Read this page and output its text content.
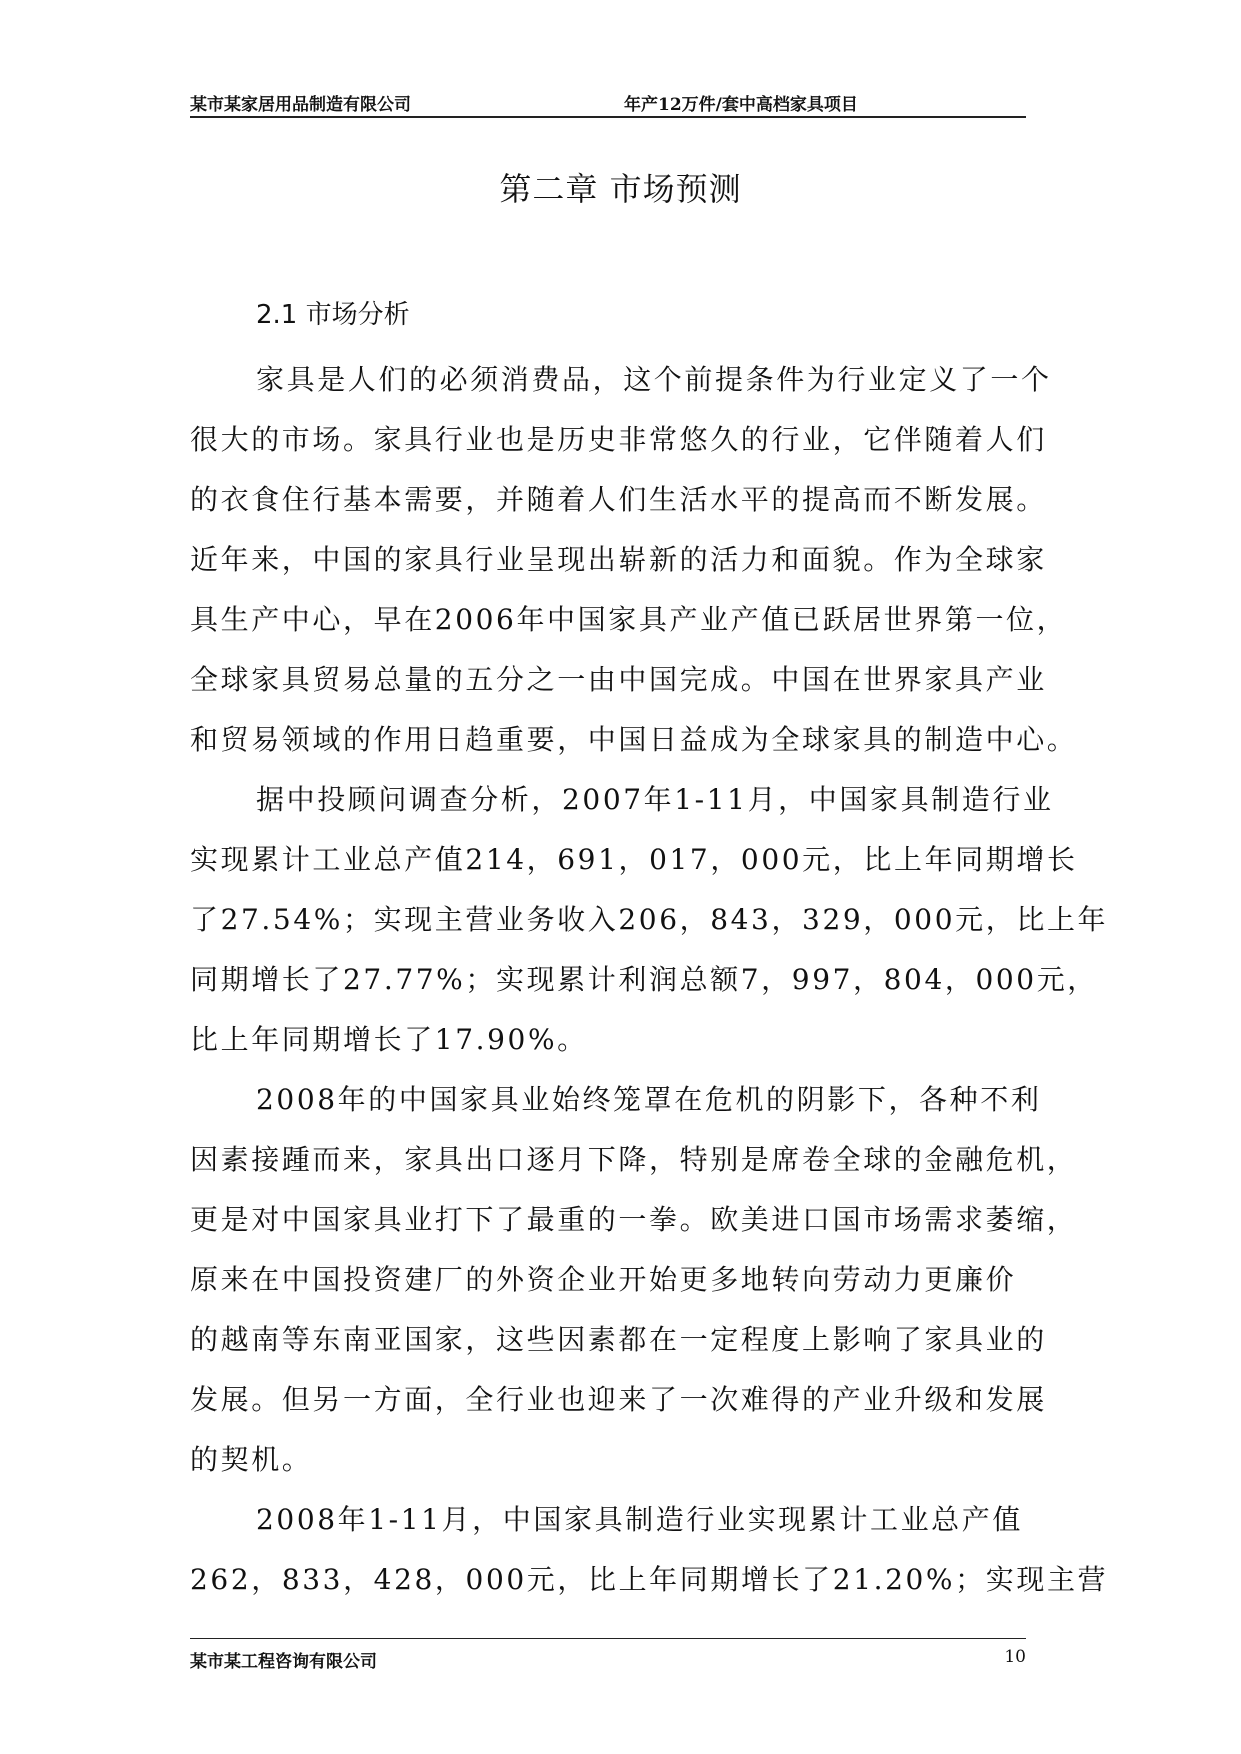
某市某家居用品制造有限公司	年产12万件/套中高档家具项目
第二章 市场预测
2.1 市场分析
家具是人们的必须消费品，这个前提条件为行业定义了一个
很大的市场。家具行业也是历史非常悠久的行业，它伴随着人们
的衣食住行基本需要，并随着人们生活水平的提高而不断发展。
近年来，中国的家具行业呈现出崭新的活力和面貌。作为全球家
具生产中心，早在2006年中国家具产业产值已跃居世界第一位，
全球家具贸易总量的五分之一由中国完成。中国在世界家具产业
和贸易领域的作用日趋重要，中国日益成为全球家具的制造中心。
据中投顾问调查分析，2007年1-11月，中国家具制造行业
实现累计工业总产值214，691，017，000元，比上年同期增长
了27.54%；实现主营业务收入206，843，329，000元，比上年
同期增长了27.77%；实现累计利润总额7，997，804，000元，
比上年同期增长了17.90%。
2008年的中国家具业始终笼罩在危机的阴影下，各种不利
因素接踵而来，家具出口逐月下降，特别是席卷全球的金融危机，
更是对中国家具业打下了最重的一拳。欧美进口国市场需求萎缩，
原来在中国投资建厂的外资企业开始更多地转向劳动力更廉价
的越南等东南亚国家，这些因素都在一定程度上影响了家具业的
发展。但另一方面，全行业也迎来了一次难得的产业升级和发展
的契机。
2008年1-11月，中国家具制造行业实现累计工业总产值
262，833，428，000元，比上年同期增长了21.20%；实现主营
某市某工程咨询有限公司	10
